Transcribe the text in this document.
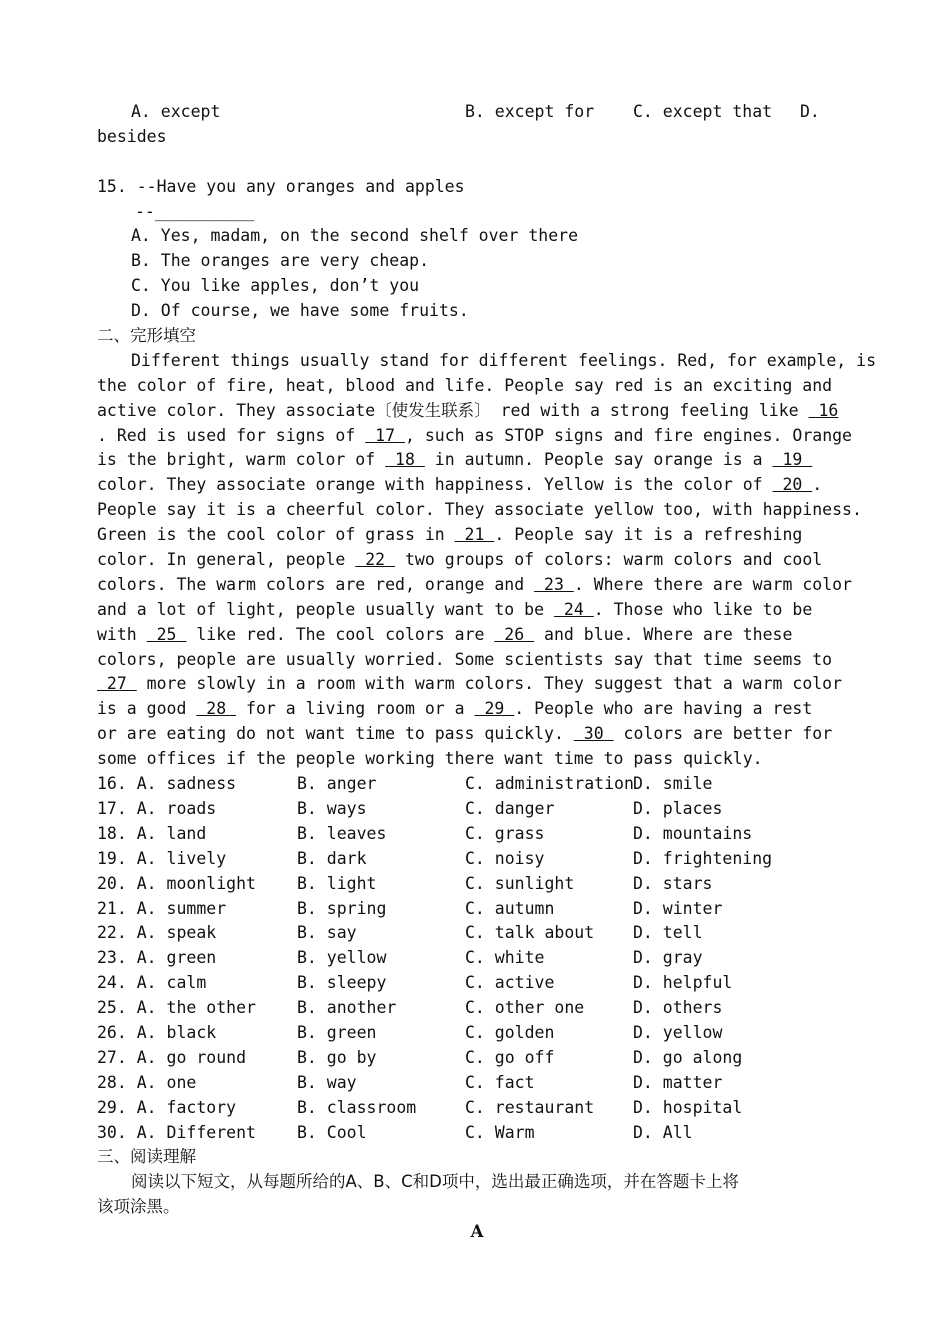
A. except

	B. except for

C. except that

D.

besides
15. --Have you any oranges and apples
--__________
A. Yes, madam, on the second shelf over there
B. The oranges are very cheap.
C. You like apples, don’t you
D. Of course, we have some fruits.
二、完形填空
Different things usually stand for different feelings. Red, for example, is
the color of fire, heat, blood and life. People say red is an exciting and
active color. They associate〔使发生联系〕 red with a strong feeling like  16
. Red is used for signs of  17 , such as STOP signs and fire engines. Orange
is the bright, warm color of  18  in autumn. People say orange is a  19
color. They associate orange with happiness. Yellow is the color of  20 .
People say it is a cheerful color. They associate yellow too, with happiness.
Green is the cool color of grass in  21 . People say it is a refreshing
color. In general, people  22  two groups of colors: warm colors and cool
colors. The warm colors are red, orange and  23 . Where there are warm color
and a lot of light, people usually want to be  24 . Those who like to be
with  25  like red. The cool colors are  26  and blue. Where are these
colors, people are usually worried. Some scientists say that time seems to
27  more slowly in a room with warm colors. They suggest that a warm color
is a good  28  for a living room or a  29 . People who are having a rest
or are eating do not want time to pass quickly.  30  colors are better for
some offices if the people working there want time to pass quickly.
16. A. sadness	B. anger	C. administration D. smile
17. A. roads	B. ways	C. danger	D. places
18. A. land	B. leaves	C. grass	D. mountains
19. A. lively	B. dark	C. noisy	D. frightening
20. A. moonlight B. light	C. sunlight	D. stars
21. A. summer	B. spring	C. autumn	D. winter
22. A. speak	B. say	C. talk about D. tell
23. A. green	B. yellow	C. white	D. gray
24. A. calm	B. sleepy	C. active	D. helpful
25. A. the other B. another	C. other one	D. others
26. A. black	B. green	C. golden	D. yellow
27. A. go round	B. go by	C. go off	D. go along
28. A. one	B. way	C. fact	D. matter
29. A. factory	B. classroom	C. restaurant D. hospital
30. A. Different B. Cool	C. Warm	D. All
三、阅读理解
阅读以下短文，从每题所给的A、B、C和D项中，选出最正确选项，并在答题卡上将
该项涂黑。
A
